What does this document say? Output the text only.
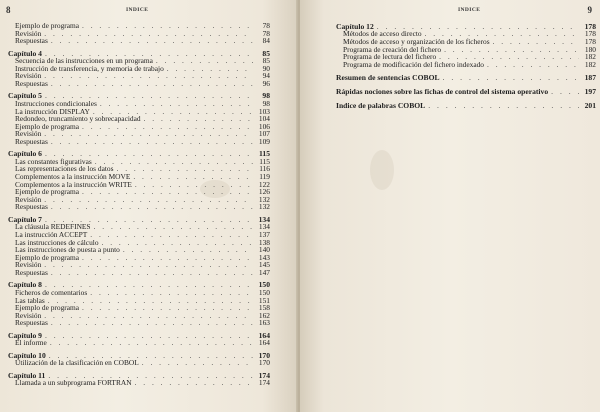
8	INDICE
Ejemplo de programa . . .	78
Revisión . . .	78
Respuestas . . .	84
Capítulo 4 . . .	85
Secuencia de las instrucciones en un programa . . .	85
Instrucción de transferencia, y memoria de trabajo . . .	90
Revisión . . .	94
Respuestas . . .	96
Capítulo 5 . . .	98
Instrucciones condicionales . . .	98
La instrucción DISPLAY . . .	103
Redondeo, truncamiento y sobrecapacidad . . .	104
Ejemplo de programa . . .	106
Revisión . . .	107
Respuestas . . .	109
Capítulo 6 . . .	115
Las constantes figurativas . . .	115
Las representaciones de los datos . . .	116
Complementos a la instrucción MOVE . . .	119
Complementos a la instrucción WRITE . . .	122
Ejemplo de programa . . .	126
Revisión . . .	132
Respuestas . . .	132
Capítulo 7 . . .	134
La cláusula REDEFINES . . .	134
La instrucción ACCEPT . . .	137
Las instrucciones de cálculo . . .	138
Las instrucciones de puesta a punto . . .	140
Ejemplo de programa . . .	143
Revisión . . .	145
Respuestas . . .	147
Capítulo 8 . . .	150
Ficheros de comentarios . . .	150
Las tablas . . .	151
Ejemplo de programa . . .	158
Revisión . . .	162
Respuestas . . .	163
Capítulo 9 . . .	164
El informe . . .	164
Capítulo 10 . . .	170
Utilización de la clasificación en COBOL . . .	170
Capítulo 11 . . .	174
Llamada a un subprograma FORTRAN . . .	174
9
INDICE
Capítulo 12 . . .	178
Métodos de acceso directo . . .	178
Métodos de acceso y organización de los ficheros . . .	178
Programa de creación del fichero . . .	180
Programa de lectura del fichero . . .	182
Programa de modificación del fichero indexado . . .	182
Resumen de sentencias COBOL . . .	187
Rápidas nociones sobre las fichas de control del sistema operativo . . .	197
Indice de palabras COBOL . . .	201
